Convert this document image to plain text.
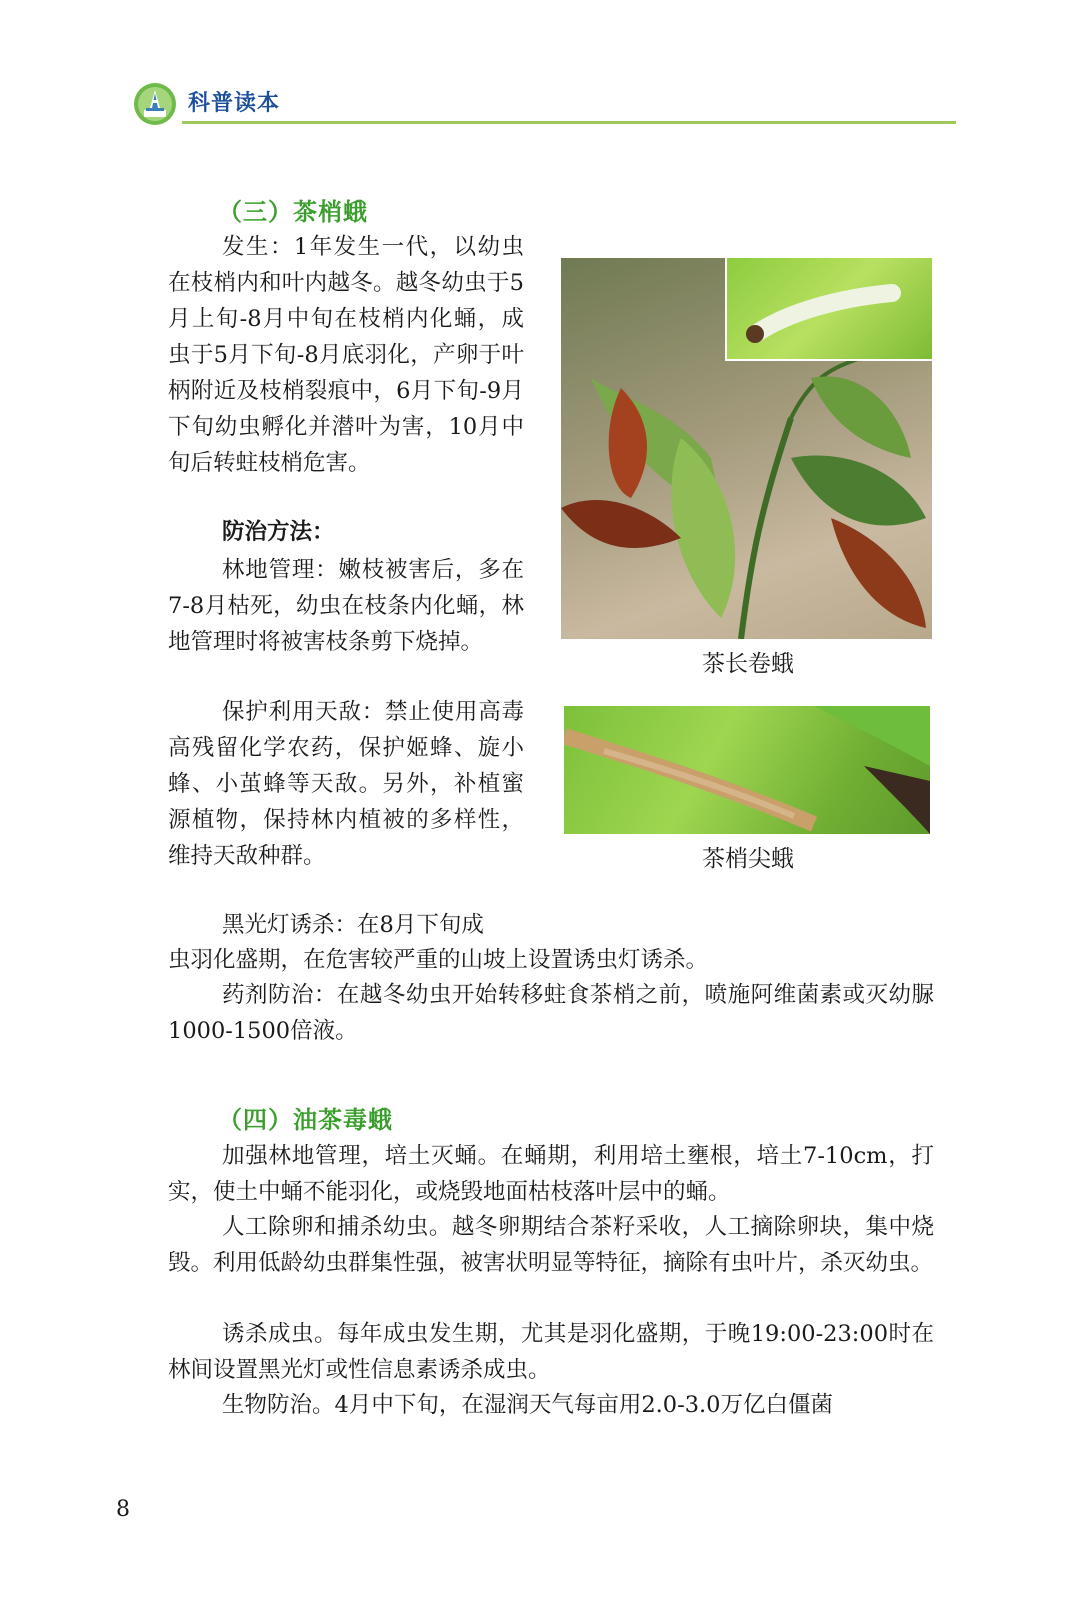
科普读本
（三）茶梢蛾

发生：1年发生一代，以幼虫在枝梢内和叶内越冬。越冬幼虫于5月上旬-8月中旬在枝梢内化蛹，成虫于5月下旬-8月底羽化，产卵于叶柄附近及枝梢裂痕中，6月下旬-9月下旬幼虫孵化并潜叶为害，10月中旬后转蛀枝梢危害。

防治方法：

林地管理：嫩枝被害后，多在7-8月枯死，幼虫在枝条内化蛹，林地管理时将被害枝条剪下烧掉。

保护利用天敌：禁止使用高毒高残留化学农药，保护姬蜂、旋小蜂、小茧蜂等天敌。另外，补植蜜源植物，保持林内植被的多样性，维持天敌种群。

黑光灯诱杀：在8月下旬成

虫羽化盛期，在危害较严重的山坡上设置诱虫灯诱杀。

药剂防治：在越冬幼虫开始转移蛀食茶梢之前，喷施阿维菌素或灭幼脲1000-1500倍液。

茶长卷蛾
茶梢尖蛾
（四）油茶毒蛾

加强林地管理，培土灭蛹。在蛹期，利用培土壅根，培土7-10cm，打实，使土中蛹不能羽化，或烧毁地面枯枝落叶层中的蛹。

人工除卵和捕杀幼虫。越冬卵期结合茶籽采收，人工摘除卵块，集中烧毁。利用低龄幼虫群集性强，被害状明显等特征，摘除有虫叶片，杀灭幼虫。

诱杀成虫。每年成虫发生期，尤其是羽化盛期，于晚19:00-23:00时在林间设置黑光灯或性信息素诱杀成虫。

生物防治。4月中下旬，在湿润天气每亩用2.0-3.0万亿白僵菌

8
